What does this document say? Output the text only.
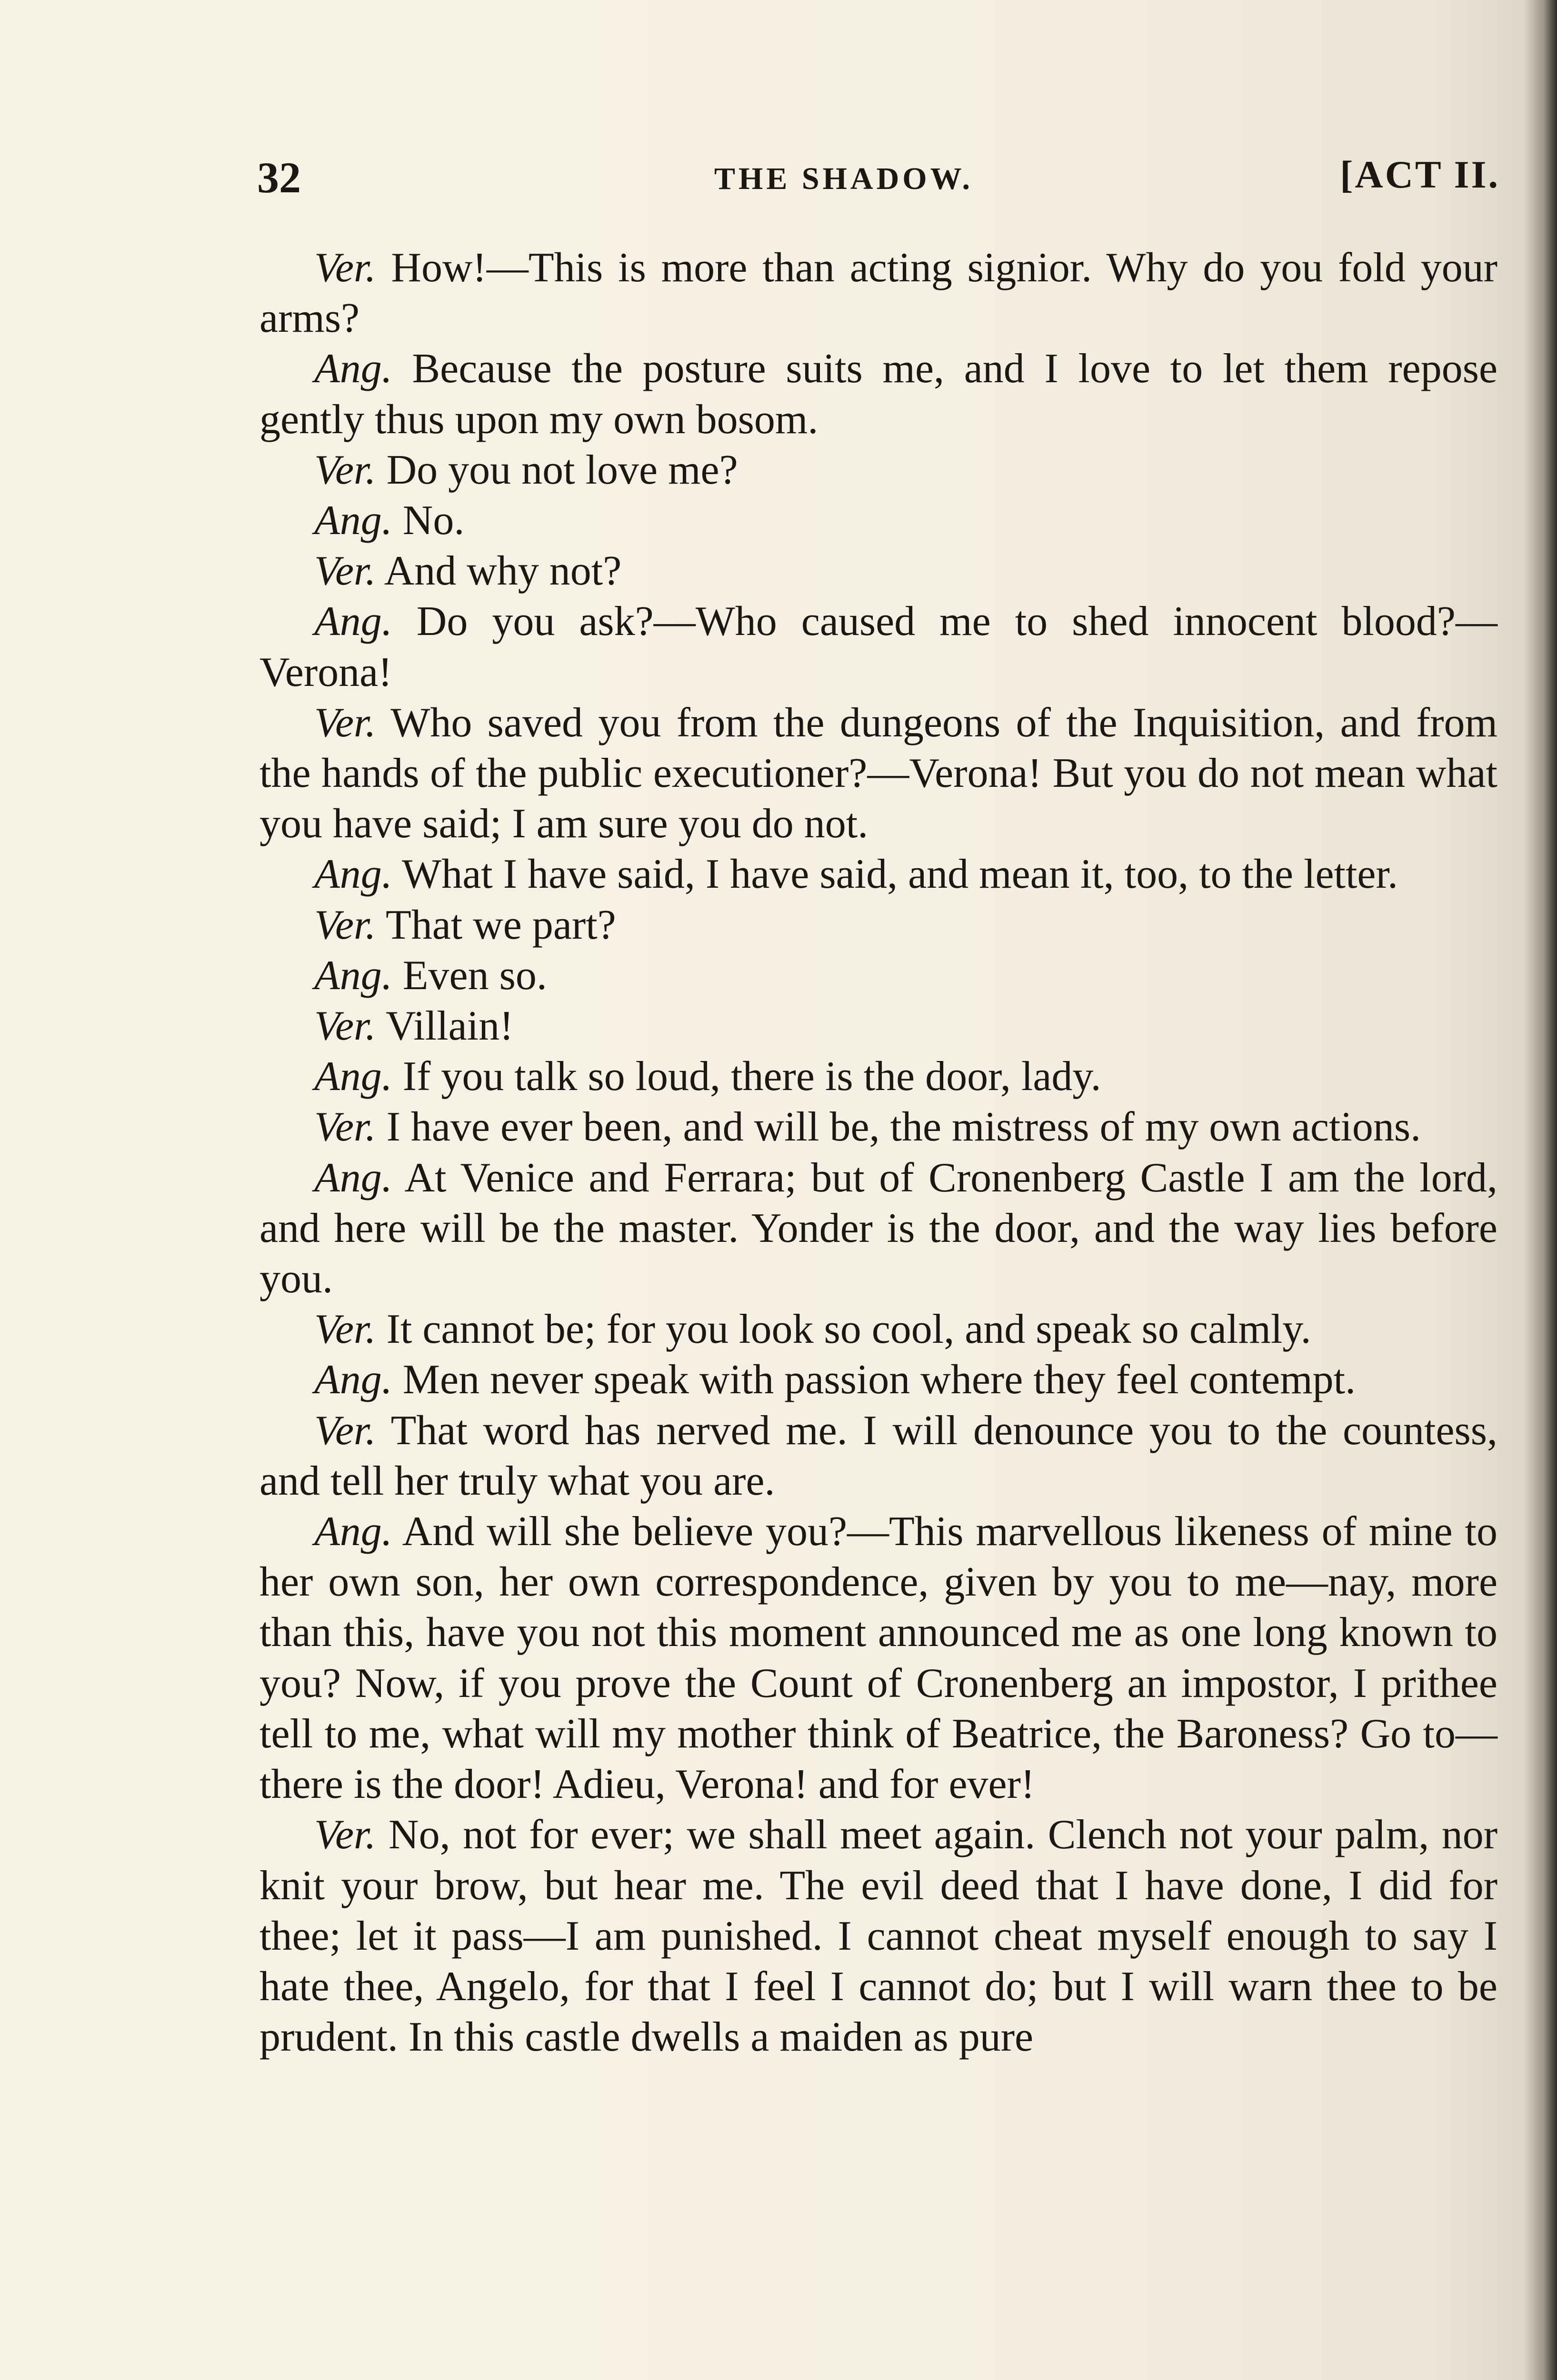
32	THE SHADOW.	[ACT II.

Ver. How!—This is more than acting signior. Why do you fold your arms?

Ang. Because the posture suits me, and I love to let them repose gently thus upon my own bosom.

Ver. Do you not love me?

Ang. No.

Ver. And why not?

Ang. Do you ask?—Who caused me to shed innocent blood?—Verona!

Ver. Who saved you from the dungeons of the Inquisition, and from the hands of the public executioner?—Verona! But you do not mean what you have said; I am sure you do not.

Ang. What I have said, I have said, and mean it, too, to the letter.

Ver. That we part?

Ang. Even so.

Ver. Villain!

Ang. If you talk so loud, there is the door, lady.

Ver. I have ever been, and will be, the mistress of my own actions.

Ang. At Venice and Ferrara; but of Cronenberg Castle I am the lord, and here will be the master. Yonder is the door, and the way lies before you.

Ver. It cannot be; for you look so cool, and speak so calmly.

Ang. Men never speak with passion where they feel contempt.

Ver. That word has nerved me. I will denounce you to the countess, and tell her truly what you are.

Ang. And will she believe you?—This marvellous likeness of mine to her own son, her own correspondence, given by you to me—nay, more than this, have you not this moment announced me as one long known to you? Now, if you prove the Count of Cronenberg an impostor, I prithee tell to me, what will my mother think of Beatrice, the Baroness? Go to—there is the door! Adieu, Verona! and for ever!

Ver. No, not for ever; we shall meet again. Clench not your palm, nor knit your brow, but hear me. The evil deed that I have done, I did for thee; let it pass—I am punished. I cannot cheat myself enough to say I hate thee, Angelo, for that I feel I cannot do; but I will warn thee to be prudent. In this castle dwells a maiden as pure
